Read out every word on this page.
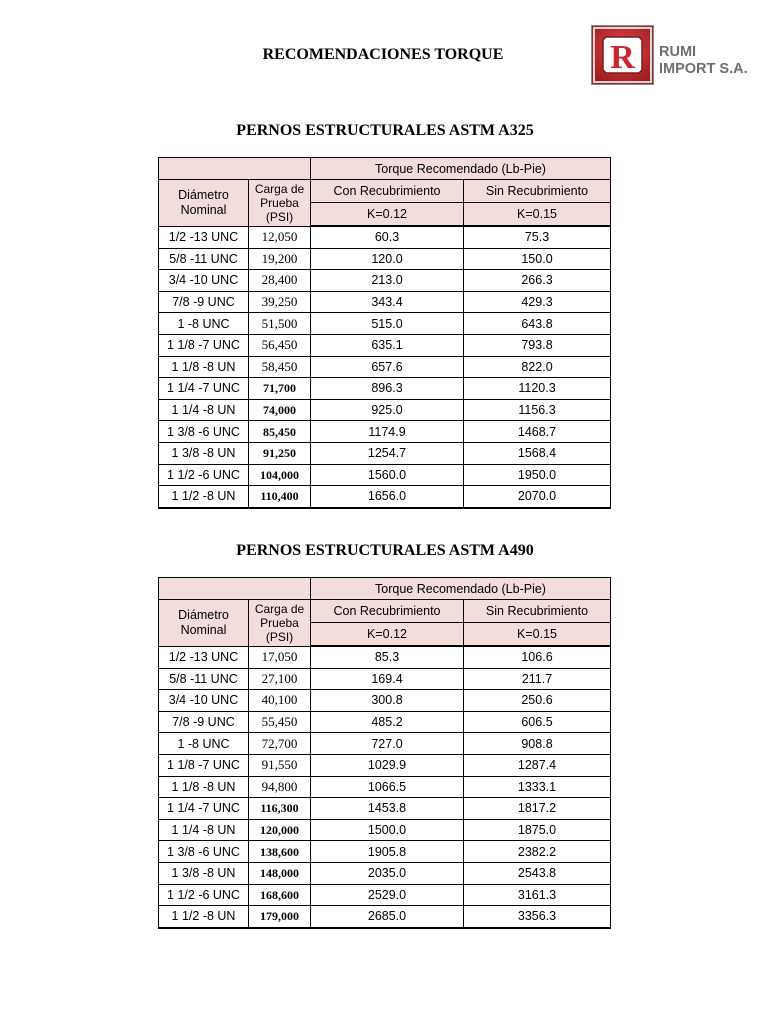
RECOMENDACIONES TORQUE	R RUMI
IMPORT S.A.
PERNOS ESTRUCTURALES ASTM A325
		Torque Recomendado (Lb-Pie)	
Diámetro Nominal	Carga de Prueba (PSI)	Con Recubrimiento	Sin Recubrimiento
		K=0.12	K=0.15
1/2 -13 UNC	12,050	60.3	75.3
5/8 -11 UNC	19,200	120.0	150.0
3/4 -10 UNC	28,400	213.0	266.3
7/8 -9 UNC	39,250	343.4	429.3
1 -8 UNC	51,500	515.0	643.8
1 1/8 -7 UNC	56,450	635.1	793.8
1 1/8 -8 UN	58,450	657.6	822.0
1 1/4 -7 UNC	71,700	896.3	1120.3
1 1/4 -8 UN	74,000	925.0	1156.3
1 3/8 -6 UNC	85,450	1174.9	1468.7
1 3/8 -8 UN	91,250	1254.7	1568.4
1 1/2 -6 UNC	104,000	1560.0	1950.0
1 1/2 -8 UN	110,400	1656.0	2070.0
PERNOS ESTRUCTURALES ASTM A490
		Torque Recomendado (Lb-Pie)	
Diámetro Nominal	Carga de Prueba (PSI)	Con Recubrimiento	Sin Recubrimiento
		K=0.12	K=0.15
1/2 -13 UNC	17,050	85.3	106.6
5/8 -11 UNC	27,100	169.4	211.7
3/4 -10 UNC	40,100	300.8	250.6
7/8 -9 UNC	55,450	485.2	606.5
1 -8 UNC	72,700	727.0	908.8
1 1/8 -7 UNC	91,550	1029.9	1287.4
1 1/8 -8 UN	94,800	1066.5	1333.1
1 1/4 -7 UNC	116,300	1453.8	1817.2
1 1/4 -8 UN	120,000	1500.0	1875.0
1 3/8 -6 UNC	138,600	1905.8	2382.2
1 3/8 -8 UN	148,000	2035.0	2543.8
1 1/2 -6 UNC	168,600	2529.0	3161.3
1 1/2 -8 UN	179,000	2685.0	3356.3
